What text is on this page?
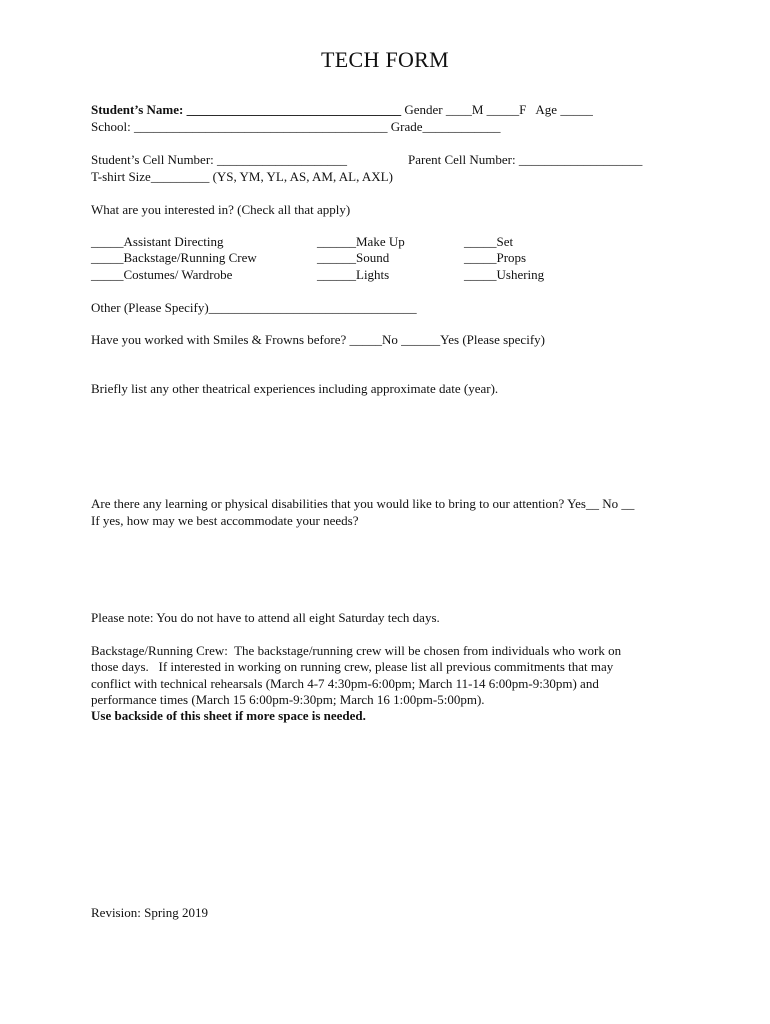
TECH FORM
Student’s Name: _________________________________ Gender ____M _____F   Age _____
School: _______________________________________ Grade____________
Student’s Cell Number: ____________________	Parent Cell Number: ___________________
T-shirt Size_________ (YS, YM, YL, AS, AM, AL, AXL)
What are you interested in? (Check all that apply)
_____Assistant Directing
_____Backstage/Running Crew
_____Costumes/ Wardrobe
______Make Up
______Sound
______Lights
_____Set
_____Props
_____Ushering
Other (Please Specify)________________________________
Have you worked with Smiles & Frowns before? _____No ______Yes (Please specify)
Briefly list any other theatrical experiences including approximate date (year).
Are there any learning or physical disabilities that you would like to bring to our attention? Yes__ No __
If yes, how may we best accommodate your needs?
Please note: You do not have to attend all eight Saturday tech days.
Backstage/Running Crew:  The backstage/running crew will be chosen from individuals who work on
those days.   If interested in working on running crew, please list all previous commitments that may
conflict with technical rehearsals (March 4-7 4:30pm-6:00pm; March 11-14 6:00pm-9:30pm) and
performance times (March 15 6:00pm-9:30pm; March 16 1:00pm-5:00pm).
Use backside of this sheet if more space is needed.
Revision: Spring 2019
